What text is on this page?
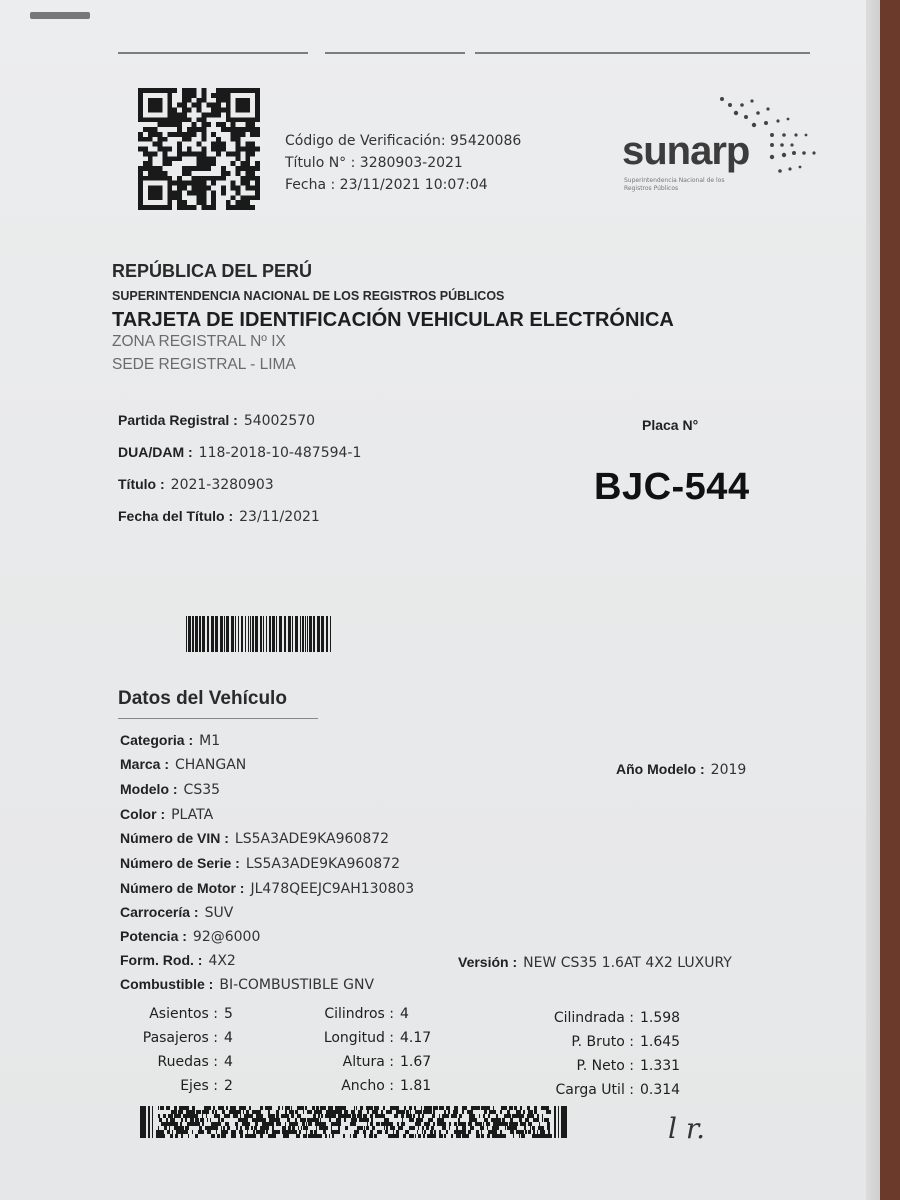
Código de Verificación: 95420086
Título N° : 3280903-2021
Fecha : 23/11/2021 10:07:04
sunarp
Superintendencia Nacional de los Registros Públicos
REPÚBLICA DEL PERÚ
SUPERINTENDENCIA NACIONAL DE LOS REGISTROS PÚBLICOS
TARJETA DE IDENTIFICACIÓN VEHICULAR ELECTRÓNICA
ZONA REGISTRAL Nº IX
SEDE REGISTRAL - LIMA
Partida Registral : 54002570
DUA/DAM : 118-2018-10-487594-1
Título : 2021-3280903
Fecha del Título : 23/11/2021
Placa N°
BJC-544
Datos del Vehículo
Categoria : M1
Marca : CHANGAN
Modelo : CS35
Color : PLATA
Número de VIN : LS5A3ADE9KA960872
Número de Serie : LS5A3ADE9KA960872
Número de Motor : JL478QEEJC9AH130803
Carrocería : SUV
Potencia : 92@6000
Form. Rod. : 4X2
Combustible : BI-COMBUSTIBLE GNV
Año Modelo : 2019
Versión : NEW CS35 1.6AT 4X2 LUXURY
Asientos : 5
Pasajeros : 4
Ruedas : 4
Ejes : 2
Cilindros : 4
Longitud : 4.17
Altura : 1.67
Ancho : 1.81
Cilindrada : 1.598
P. Bruto : 1.645
P. Neto : 1.331
Carga Util : 0.314
l r.
